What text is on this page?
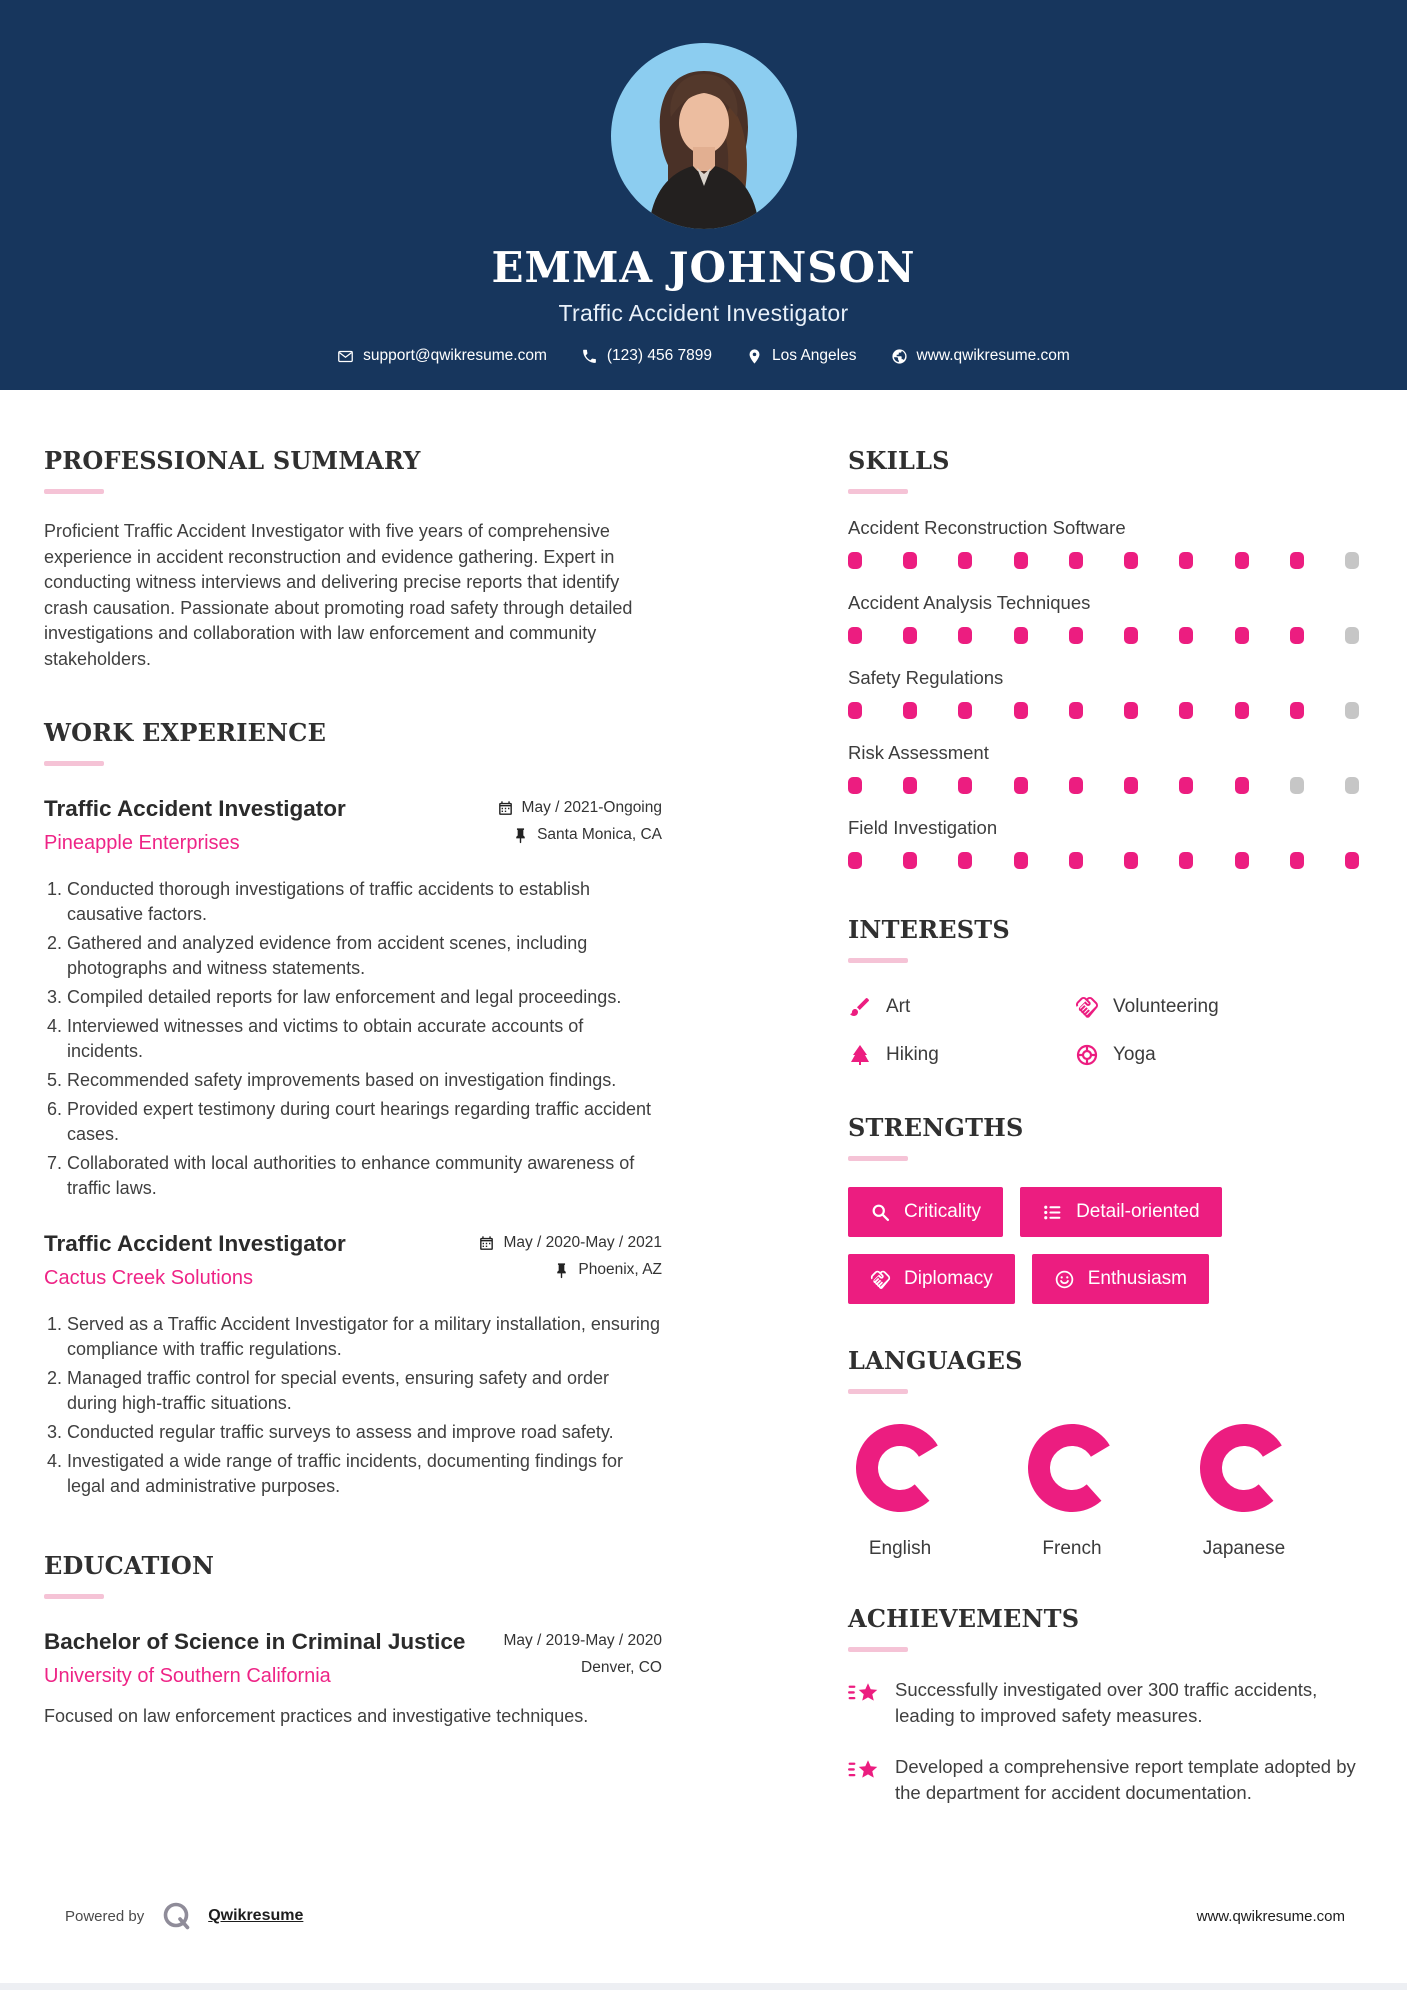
EMMA JOHNSON
Traffic Accident Investigator
support@qwikresume.com	(123) 456 7899	Los Angeles	www.qwikresume.com
PROFESSIONAL SUMMARY

Proficient Traffic Accident Investigator with five years of comprehensive experience in accident reconstruction and evidence gathering. Expert in conducting witness interviews and delivering precise reports that identify crash causation. Passionate about promoting road safety through detailed investigations and collaboration with law enforcement and community stakeholders.

WORK EXPERIENCE
Traffic Accident Investigator
Pineapple Enterprises
May / 2021-Ongoing
Santa Monica, CA
1. Conducted thorough investigations of traffic accidents to establish causative factors.
2. Gathered and analyzed evidence from accident scenes, including photographs and witness statements.
3. Compiled detailed reports for law enforcement and legal proceedings.
4. Interviewed witnesses and victims to obtain accurate accounts of incidents.
5. Recommended safety improvements based on investigation findings.
6. Provided expert testimony during court hearings regarding traffic accident cases.
7. Collaborated with local authorities to enhance community awareness of traffic laws.
Traffic Accident Investigator
Cactus Creek Solutions
May / 2020-May / 2021
Phoenix, AZ
1. Served as a Traffic Accident Investigator for a military installation, ensuring compliance with traffic regulations.
2. Managed traffic control for special events, ensuring safety and order during high-traffic situations.
3. Conducted regular traffic surveys to assess and improve road safety.
4. Investigated a wide range of traffic incidents, documenting findings for legal and administrative purposes.
EDUCATION
Bachelor of Science in Criminal Justice
University of Southern California
May / 2019-May / 2020
Denver, CO
Focused on law enforcement practices and investigative techniques.
SKILLS
Accident Reconstruction Software
Accident Analysis Techniques
Safety Regulations
Risk Assessment
Field Investigation
INTERESTS
Art	Volunteering
Hiking	Yoga
STRENGTHS
Criticality	Detail-oriented
Diplomacy	Enthusiasm
LANGUAGES
English	French	Japanese
ACHIEVEMENTS
Successfully investigated over 300 traffic accidents, leading to improved safety measures.
Developed a comprehensive report template adopted by the department for accident documentation.
Powered by	Qwikresume	www.qwikresume.com
